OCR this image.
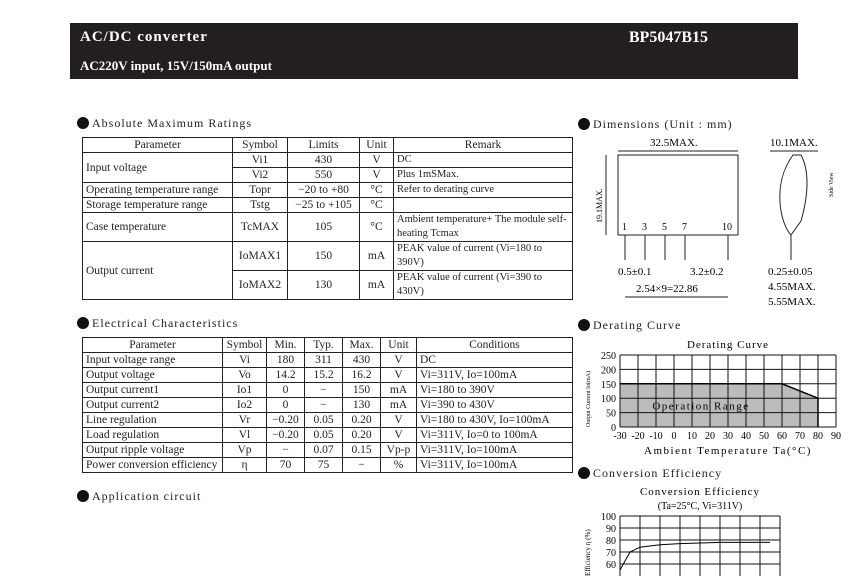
AC/DC converter	BP5047B15
AC220V input, 15V/150mA output
Absolute Maximum Ratings
Parameter	Symbol	Limits	Unit	Remark
Input voltage	Vi1	430	V	DC
	Vi2	550	V	Plus 1mSMax.
Operating temperature range	Topr	−20 to +80	°C	Refer to derating curve
Storage temperature range	Tstg	−25 to +105	°C	
Case temperature	TcMAX	105	°C	Ambient temperature+ The module self-heating Tcmax
Output current	IoMAX1	150	mA	PEAK value of current (Vi=180 to 390V)
	IoMAX2	130	mA	PEAK value of current (Vi=390 to 430V)
Electrical Characteristics
Parameter	Symbol	Min.	Typ.	Max.	Unit	Conditions
Input voltage range	Vi	180	311	430	V	DC
Output voltage	Vo	14.2	15.2	16.2	V	Vi=311V, Io=100mA
Output current1	Io1	0	−	150	mA	Vi=180 to 390V
Output current2	Io2	0	−	130	mA	Vi=390 to 430V
Line regulation	Vr	−0.20	0.05	0.20	V	Vi=180 to 430V, Io=100mA
Load regulation	Vl	−0.20	0.05	0.20	V	Vi=311V, Io=0 to 100mA
Output ripple voltage	Vp	−	0.07	0.15	Vp-p	Vi=311V, Io=100mA
Power conversion efficiency	η	70	75	−	%	Vi=311V, Io=100mA
Application circuit
Dimensions (Unit : mm)
32.5MAX.
19.1MAX.
1 3 5 7	10
0.5±0.1	3.2±0.2
2.54×9=22.86
10.1MAX.
Side View
0.25±0.05
4.55MAX.
5.55MAX.
Derating Curve
-30 -20 -10 0 10 20 30 40 50 60 70 80 90
0
50
100
150
200
250
Derating Curve
Operation Range
Ambient Temperature Ta(°C)
Output Current Io(mA)
Conversion Efficiency
60
70
80
90
100
Conversion Efficiency
(Ta=25°C, Vi=311V)
Efficiency η (%)
